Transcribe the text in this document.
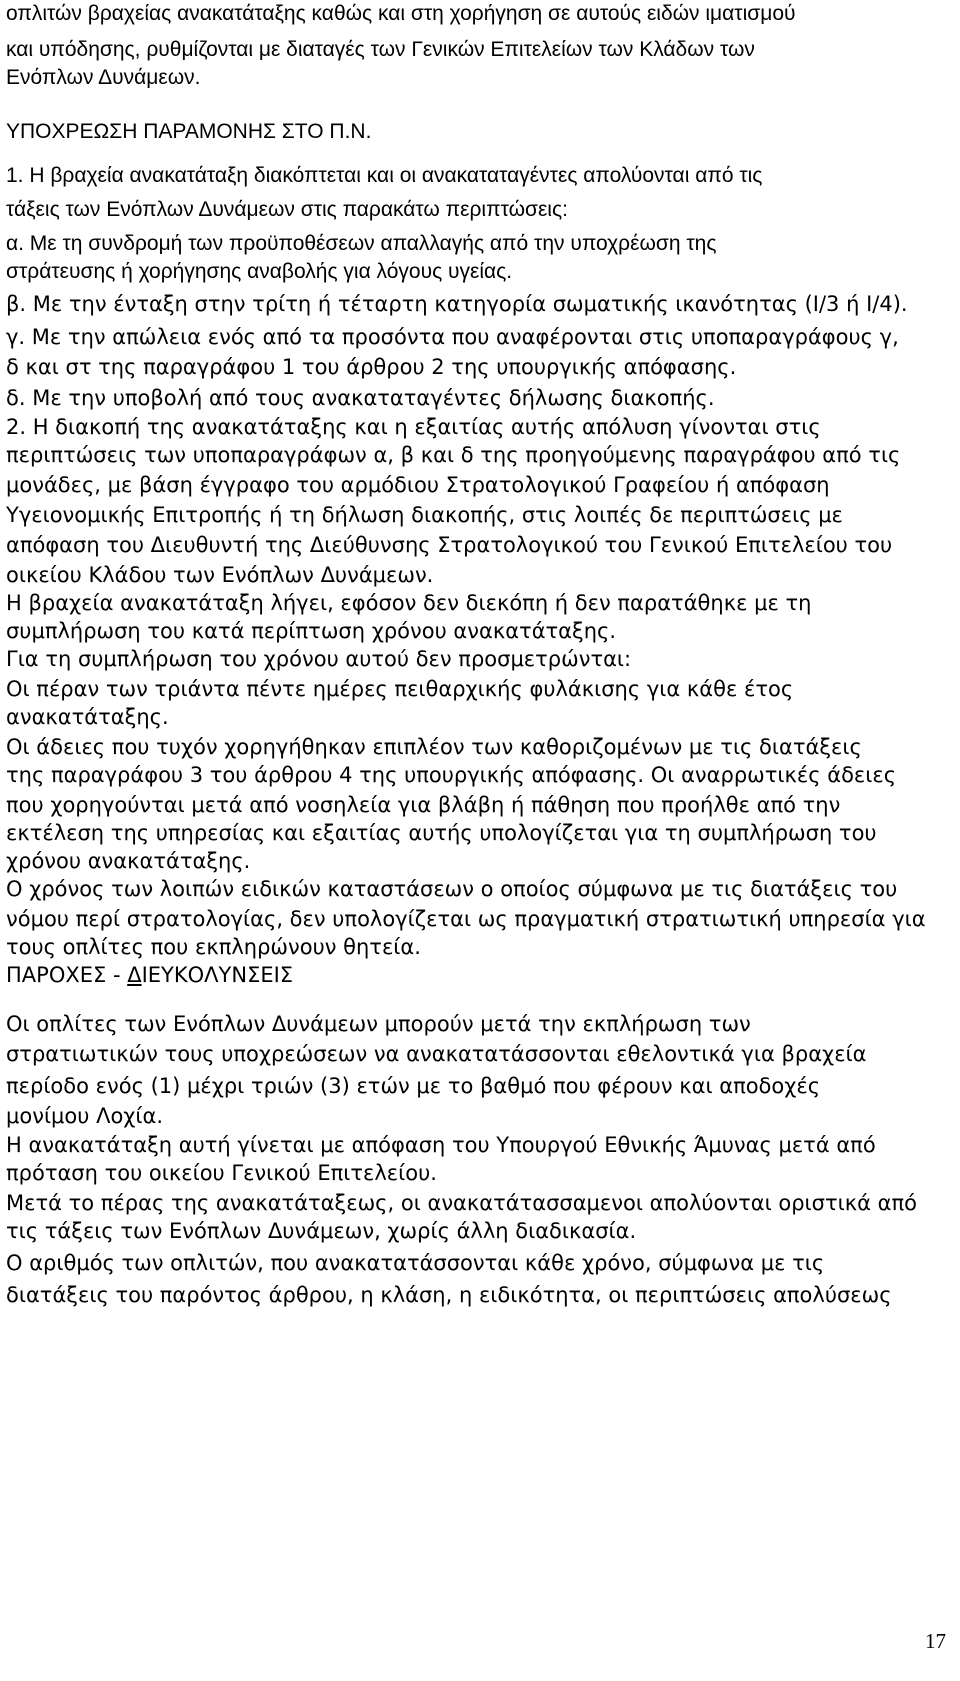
οπλιτών βραχείας ανακατάταξης καθώς και στη χορήγηση σε αυτούς ειδών ιματισμού
και υπόδησης, ρυθμίζονται με διαταγές των Γενικών Επιτελείων των Κλάδων των
Ενόπλων Δυνάμεων.
ΥΠΟΧΡΕΩΣΗ ΠΑΡΑΜΟΝΗΣ ΣΤΟ Π.Ν.
1. Η βραχεία ανακατάταξη διακόπτεται και οι ανακαταταγέντες απολύονται από τις
τάξεις των Ενόπλων Δυνάμεων στις παρακάτω περιπτώσεις:
α. Με τη συνδρομή των προϋποθέσεων απαλλαγής από την υποχρέωση της
στράτευσης ή χορήγησης αναβολής για λόγους υγείας.
β. Με την ένταξη στην τρίτη ή τέταρτη κατηγορία σωματικής ικανότητας (Ι/3 ή Ι/4).
γ. Με την απώλεια ενός από τα προσόντα που αναφέρονται στις υποπαραγράφους γ,
δ και στ της παραγράφου 1 του άρθρου 2 της υπουργικής απόφασης.
δ. Με την υποβολή από τους ανακαταταγέντες δήλωσης διακοπής.
2. Η διακοπή της ανακατάταξης και η εξαιτίας αυτής απόλυση γίνονται στις
περιπτώσεις των υποπαραγράφων α, β και δ της προηγούμενης παραγράφου από τις
μονάδες, με βάση έγγραφο του αρμόδιου Στρατολογικού Γραφείου ή απόφαση
Υγειονομικής Επιτροπής ή τη δήλωση διακοπής, στις λοιπές δε περιπτώσεις με
απόφαση του Διευθυντή της Διεύθυνσης Στρατολογικού του Γενικού Επιτελείου του
οικείου Κλάδου των Ενόπλων Δυνάμεων.
Η βραχεία ανακατάταξη λήγει, εφόσον δεν διεκόπη ή δεν παρατάθηκε με τη
συμπλήρωση του κατά περίπτωση χρόνου ανακατάταξης.
Για τη συμπλήρωση του χρόνου αυτού δεν προσμετρώνται:
Οι πέραν των τριάντα πέντε ημέρες πειθαρχικής φυλάκισης για κάθε έτος
ανακατάταξης.
Οι άδειες που τυχόν χορηγήθηκαν επιπλέον των καθοριζομένων με τις διατάξεις
της παραγράφου 3 του άρθρου 4 της υπουργικής απόφασης. Οι αναρρωτικές άδειες
που χορηγούνται μετά από νοσηλεία για βλάβη ή πάθηση που προήλθε από την
εκτέλεση της υπηρεσίας και εξαιτίας αυτής υπολογίζεται για τη συμπλήρωση του
χρόνου ανακατάταξης.
Ο χρόνος των λοιπών ειδικών καταστάσεων ο οποίος σύμφωνα με τις διατάξεις του
νόμου περί στρατολογίας, δεν υπολογίζεται ως πραγματική στρατιωτική υπηρεσία για
τους οπλίτες που εκπληρώνουν θητεία.
ΠΑΡΟΧΕΣ - ΔΙΕΥΚΟΛΥΝΣΕΙΣ
Οι οπλίτες των Ενόπλων Δυνάμεων μπορούν μετά την εκπλήρωση των
στρατιωτικών τους υποχρεώσεων να ανακατατάσσονται εθελοντικά για βραχεία
περίοδο ενός (1) μέχρι τριών (3) ετών με το βαθμό που φέρουν και αποδοχές
μονίμου Λοχία.
Η ανακατάταξη αυτή γίνεται με απόφαση του Υπουργού Εθνικής Άμυνας μετά από
πρόταση του οικείου Γενικού Επιτελείου.
Μετά το πέρας της ανακατάταξεως, οι ανακατάτασσαμενοι απολύονται οριστικά από
τις τάξεις των Ενόπλων Δυνάμεων, χωρίς άλλη διαδικασία.
Ο αριθμός των οπλιτών, που ανακατατάσσονται κάθε χρόνο, σύμφωνα με τις
διατάξεις του παρόντος άρθρου, η κλάση, η ειδικότητα, οι περιπτώσεις απολύσεως
17
